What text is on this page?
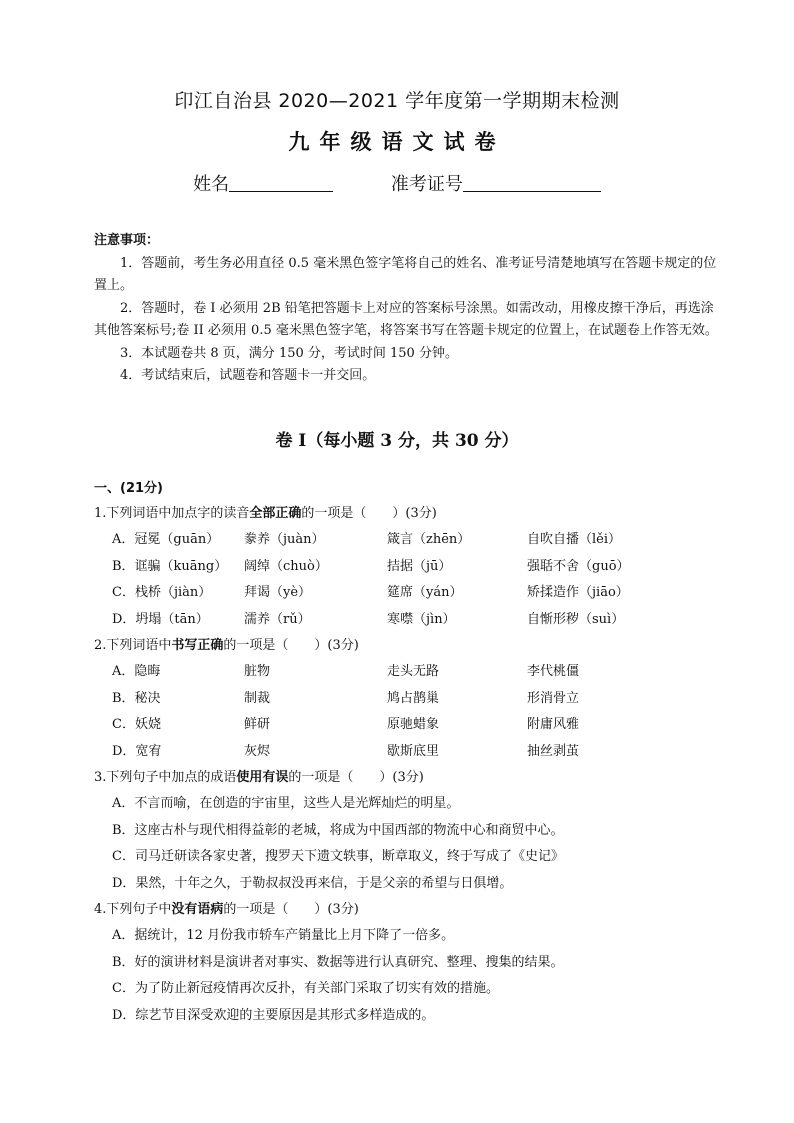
印江自治县 2020—2021 学年度第一学期期末检测
九年级语文试卷
姓名	准考证号
注意事项：

1．答题前，考生务必用直径 0.5 毫米黑色签字笔将自己的姓名、准考证号清楚地填写在答题卡规定的位置上。

2．答题时，卷 I 必须用 2B 铅笔把答题卡上对应的答案标号涂黑。如需改动，用橡皮擦干净后，再选涂其他答案标号;卷 II 必须用 0.5 毫米黑色签字笔，将答案书写在答题卡规定的位置上，在试题卷上作答无效。

3．本试题卷共 8 页，满分 150 分，考试时间 150 分钟。

4．考试结束后，试题卷和答题卡一并交回。

卷 I（每小题 3 分，共 30 分）
一、(21分)
1.下列词语中加点字的读音全部正确的一项是（　　）(3分)
A．冠冕（guān） 豢养（juàn）	箴言（zhēn）	自吹自播（lěi）
B．诓骗（kuāng） 阔绰（chuò）	拮据（jū）	强聒不舍（guō）
C．栈桥（jiàn）	拜谒（yè）	筵席（yán）	矫揉造作（jiāo）
D．坍塌（tān）	濡养（rǔ）	寒噤（jìn）	自惭形秽（suì）
2.下列词语中书写正确的一项是（　　）(3分)
A．隐晦	脏物	走头无路	李代桃僵
B．秘决	制裁	鸠占鹊巢	形消骨立
C．妖娆	鲜研	原驰蜡象	附庸风雅
D．宽宥	灰烬	歇斯底里	抽丝剥茧
3.下列句子中加点的成语使用有误的一项是（　　）(3分)
A．不言而喻，在创造的宇宙里，这些人是光辉灿烂的明星。
B．这座古朴与现代相得益彰的老城，将成为中国西部的物流中心和商贸中心。
C．司马迁研读各家史著，搜罗天下遗文轶事，断章取义，终于写成了《史记》
D．果然，十年之久，于勒叔叔没再来信，于是父亲的希望与日俱增。
4.下列句子中没有语病的一项是（　　）(3分)
A．据统计，12 月份我市轿车产销量比上月下降了一倍多。
B．好的演讲材料是演讲者对事实、数据等进行认真研究、整理、搜集的结果。
C．为了防止新冠疫情再次反扑，有关部门采取了切实有效的措施。
D．综艺节目深受欢迎的主要原因是其形式多样造成的。
